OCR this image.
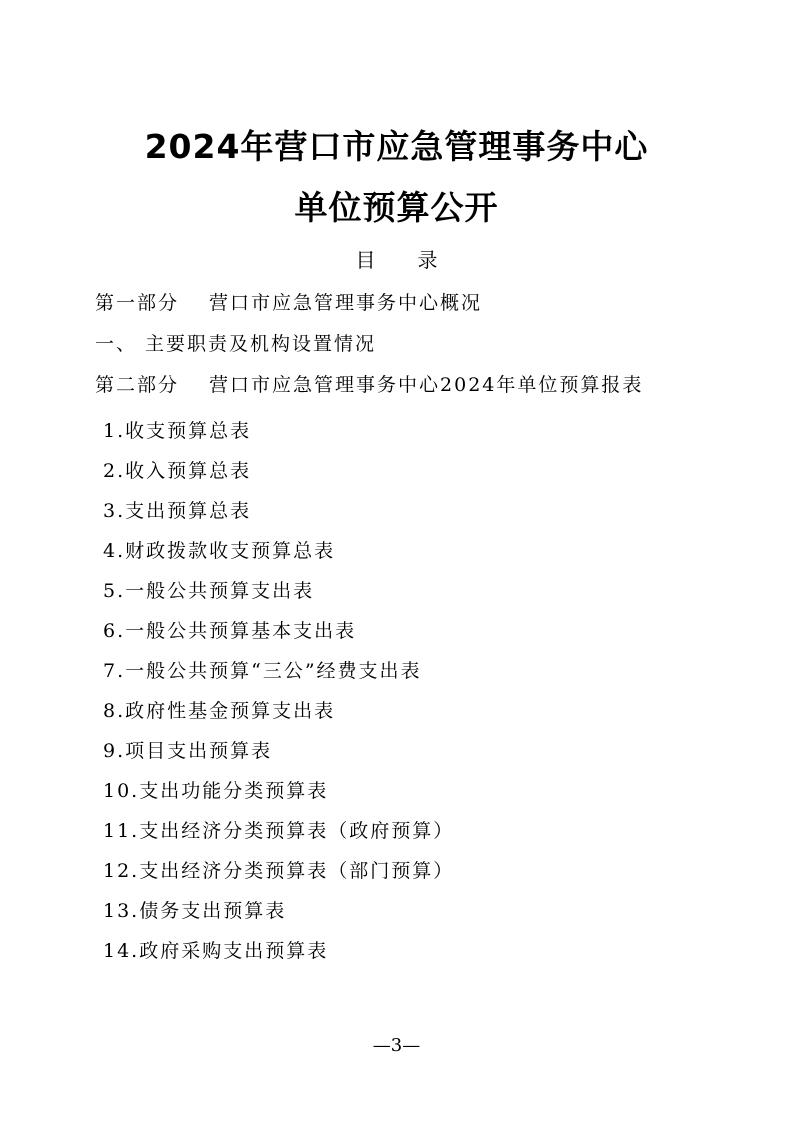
2024年营口市应急管理事务中心
单位预算公开
目 录
第一部分 营口市应急管理事务中心概况
一、 主要职责及机构设置情况
第二部分 营口市应急管理事务中心2024年单位预算报表
1.收支预算总表
2.收入预算总表
3.支出预算总表
4.财政拨款收支预算总表
5.一般公共预算支出表
6.一般公共预算基本支出表
7.一般公共预算“三公”经费支出表
8.政府性基金预算支出表
9.项目支出预算表
10.支出功能分类预算表
11.支出经济分类预算表（政府预算）
12.支出经济分类预算表（部门预算）
13.债务支出预算表
14.政府采购支出预算表
—3—
